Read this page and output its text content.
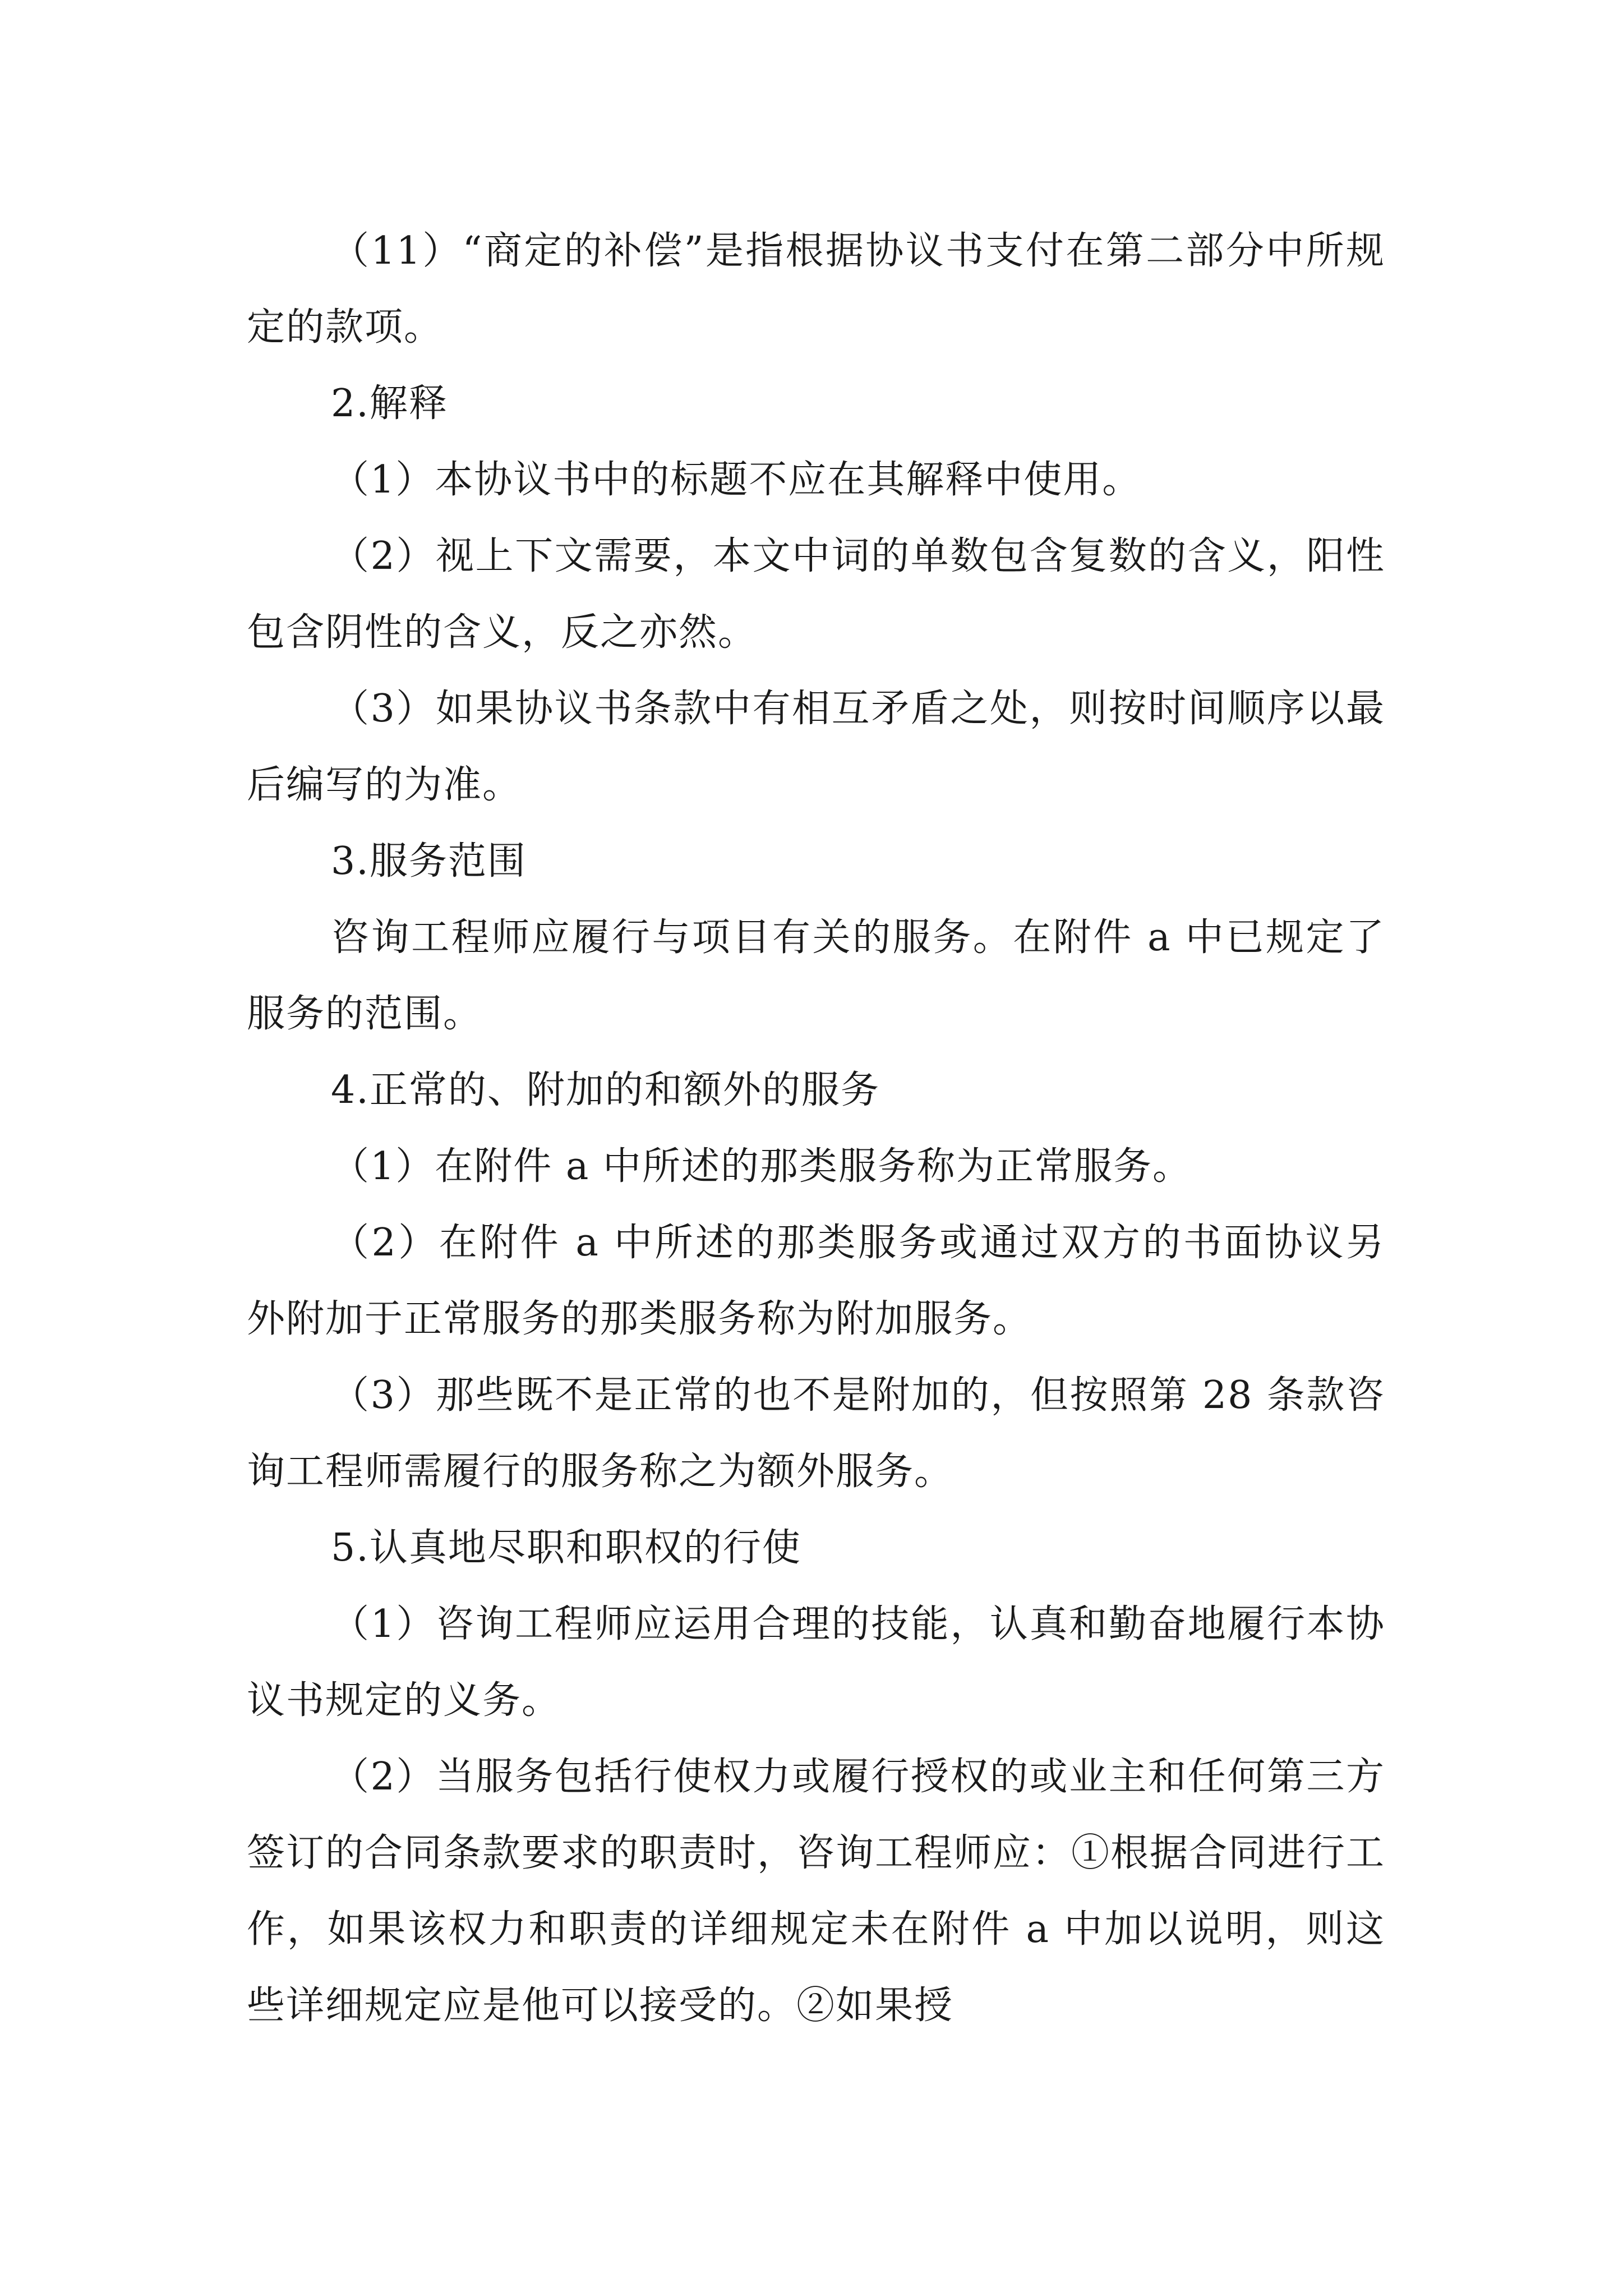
（11）“商定的补偿”是指根据协议书支付在第二部分中所规定的款项。

2.解释

（1）本协议书中的标题不应在其解释中使用。

（2）视上下文需要，本文中词的单数包含复数的含义，阳性包含阴性的含义，反之亦然。

（3）如果协议书条款中有相互矛盾之处，则按时间顺序以最后编写的为准。

3.服务范围

咨询工程师应履行与项目有关的服务。在附件 a 中已规定了服务的范围。

4.正常的、附加的和额外的服务

（1）在附件 a 中所述的那类服务称为正常服务。

（2）在附件 a 中所述的那类服务或通过双方的书面协议另外附加于正常服务的那类服务称为附加服务。

（3）那些既不是正常的也不是附加的，但按照第 28 条款咨询工程师需履行的服务称之为额外服务。

5.认真地尽职和职权的行使

（1）咨询工程师应运用合理的技能，认真和勤奋地履行本协议书规定的义务。

（2）当服务包括行使权力或履行授权的或业主和任何第三方签订的合同条款要求的职责时，咨询工程师应：①根据合同进行工作，如果该权力和职责的详细规定未在附件 a 中加以说明，则这些详细规定应是他可以接受的。②如果授
